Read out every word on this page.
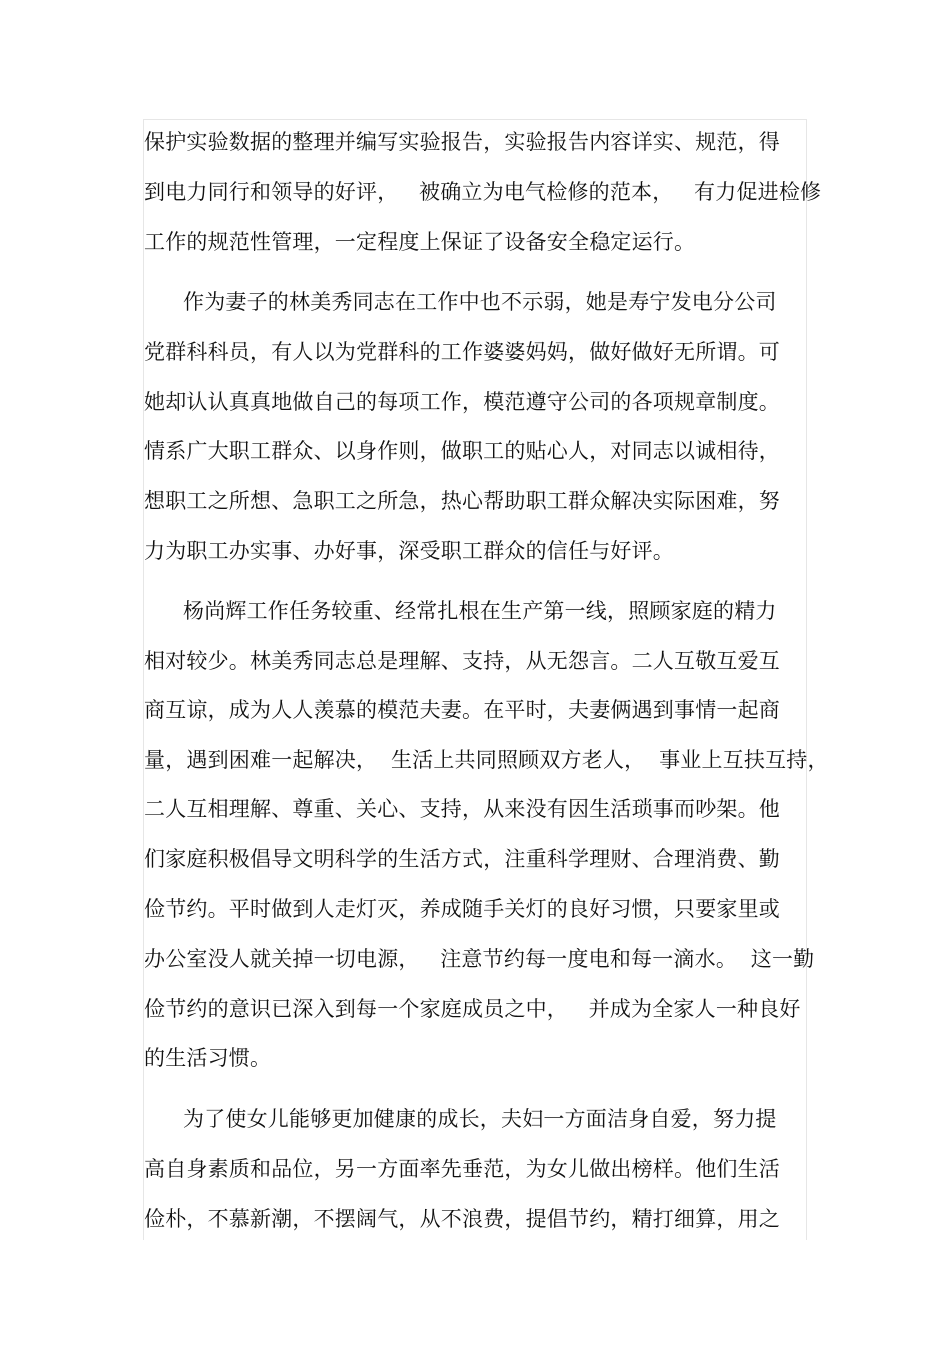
保护实验数据的整理并编写实验报告，实验报告内容详实、规范，得
到电力同行和领导的好评，   被确立为电气检修的范本，   有力促进检修
工作的规范性管理，一定程度上保证了设备安全稳定运行。
作为妻子的林美秀同志在工作中也不示弱，她是寿宁发电分公司
党群科科员，有人以为党群科的工作婆婆妈妈，做好做好无所谓。可
她却认认真真地做自己的每项工作，模范遵守公司的各项规章制度。
情系广大职工群众、以身作则，做职工的贴心人，对同志以诚相待，
想职工之所想、急职工之所急，热心帮助职工群众解决实际困难，努
力为职工办实事、办好事，深受职工群众的信任与好评。
杨尚辉工作任务较重、经常扎根在生产第一线，照顾家庭的精力
相对较少。林美秀同志总是理解、支持，从无怨言。二人互敬互爱互
商互谅，成为人人羡慕的模范夫妻。在平时，夫妻俩遇到事情一起商
量，遇到困难一起解决，  生活上共同照顾双方老人，  事业上互扶互持，
二人互相理解、尊重、关心、支持，从来没有因生活琐事而吵架。他
们家庭积极倡导文明科学的生活方式，注重科学理财、合理消费、勤
俭节约。平时做到人走灯灭，养成随手关灯的良好习惯，只要家里或
办公室没人就关掉一切电源，   注意节约每一度电和每一滴水。  这一勤
俭节约的意识已深入到每一个家庭成员之中，   并成为全家人一种良好
的生活习惯。
为了使女儿能够更加健康的成长，夫妇一方面洁身自爱，努力提
高自身素质和品位，另一方面率先垂范，为女儿做出榜样。他们生活
俭朴，不慕新潮，不摆阔气，从不浪费，提倡节约，精打细算，用之
